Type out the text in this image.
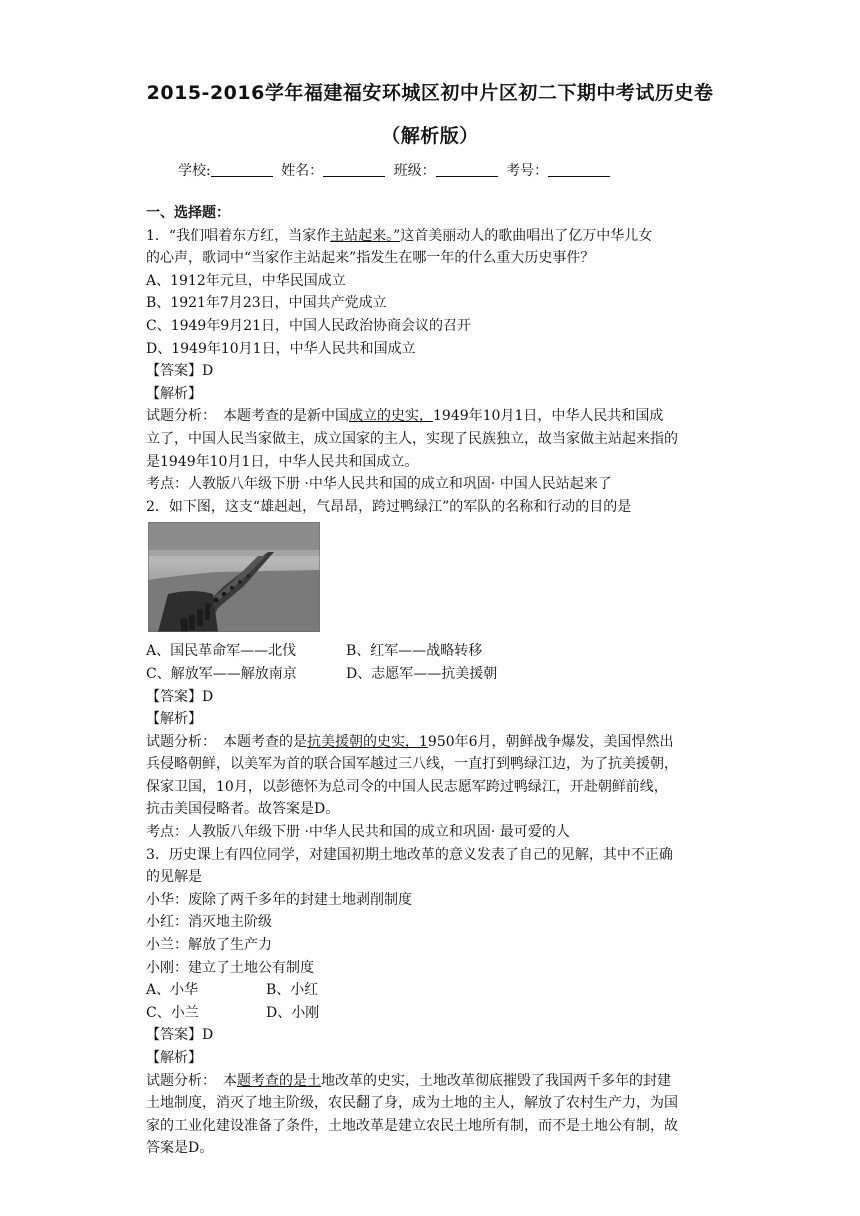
2015-2016学年福建福安环城区初中片区初二下期中考试历史卷
（解析版）
学校:	姓名：	班级：	考号：
一、选择题：
1．“我们唱着东方红，当家作主站起来。”这首美丽动人的歌曲唱出了亿万中华儿女
的心声，歌词中“当家作主站起来”指发生在哪一年的什么重大历史事件？
A、1912年元旦，中华民国成立
B、1921年7月23日，中国共产党成立
C、1949年9月21日，中国人民政治协商会议的召开
D、1949年10月1日，中华人民共和国成立
【答案】D
【解析】
试题分析：　本题考查的是新中国成立的史实，1949年10月1日，中华人民共和国成
立了，中国人民当家做主，成立国家的主人，实现了民族独立，故当家做主站起来指的
是1949年10月1日，中华人民共和国成立。
考点：人教版八年级下册 ·中华人民共和国的成立和巩固· 中国人民站起来了
2．如下图，这支“雄赳赳，气昂昂，跨过鸭绿江”的军队的名称和行动的目的是
A、国民革命军——北伐	B、红军——战略转移
C、解放军——解放南京	D、志愿军——抗美援朝
【答案】D
【解析】
试题分析：　本题考查的是抗美援朝的史实，1950年6月，朝鲜战争爆发，美国悍然出
兵侵略朝鲜，以美军为首的联合国军越过三八线，一直打到鸭绿江边，为了抗美援朝，
保家卫国，10月，以彭德怀为总司令的中国人民志愿军跨过鸭绿江，开赴朝鲜前线，
抗击美国侵略者。故答案是D。
考点：人教版八年级下册 ·中华人民共和国的成立和巩固· 最可爱的人
3．历史课上有四位同学，对建国初期土地改革的意义发表了自己的见解，其中不正确
的见解是
小华：废除了两千多年的封建土地剥削制度
小红：消灭地主阶级
小兰：解放了生产力
小刚：建立了土地公有制度
A、小华	B、小红
C、小兰	D、小刚
【答案】D
【解析】
试题分析：　本题考查的是土地改革的史实，土地改革彻底摧毁了我国两千多年的封建
土地制度，消灭了地主阶级，农民翻了身，成为土地的主人，解放了农村生产力，为国
家的工业化建设准备了条件，土地改革是建立农民土地所有制，而不是土地公有制，故
答案是D。
